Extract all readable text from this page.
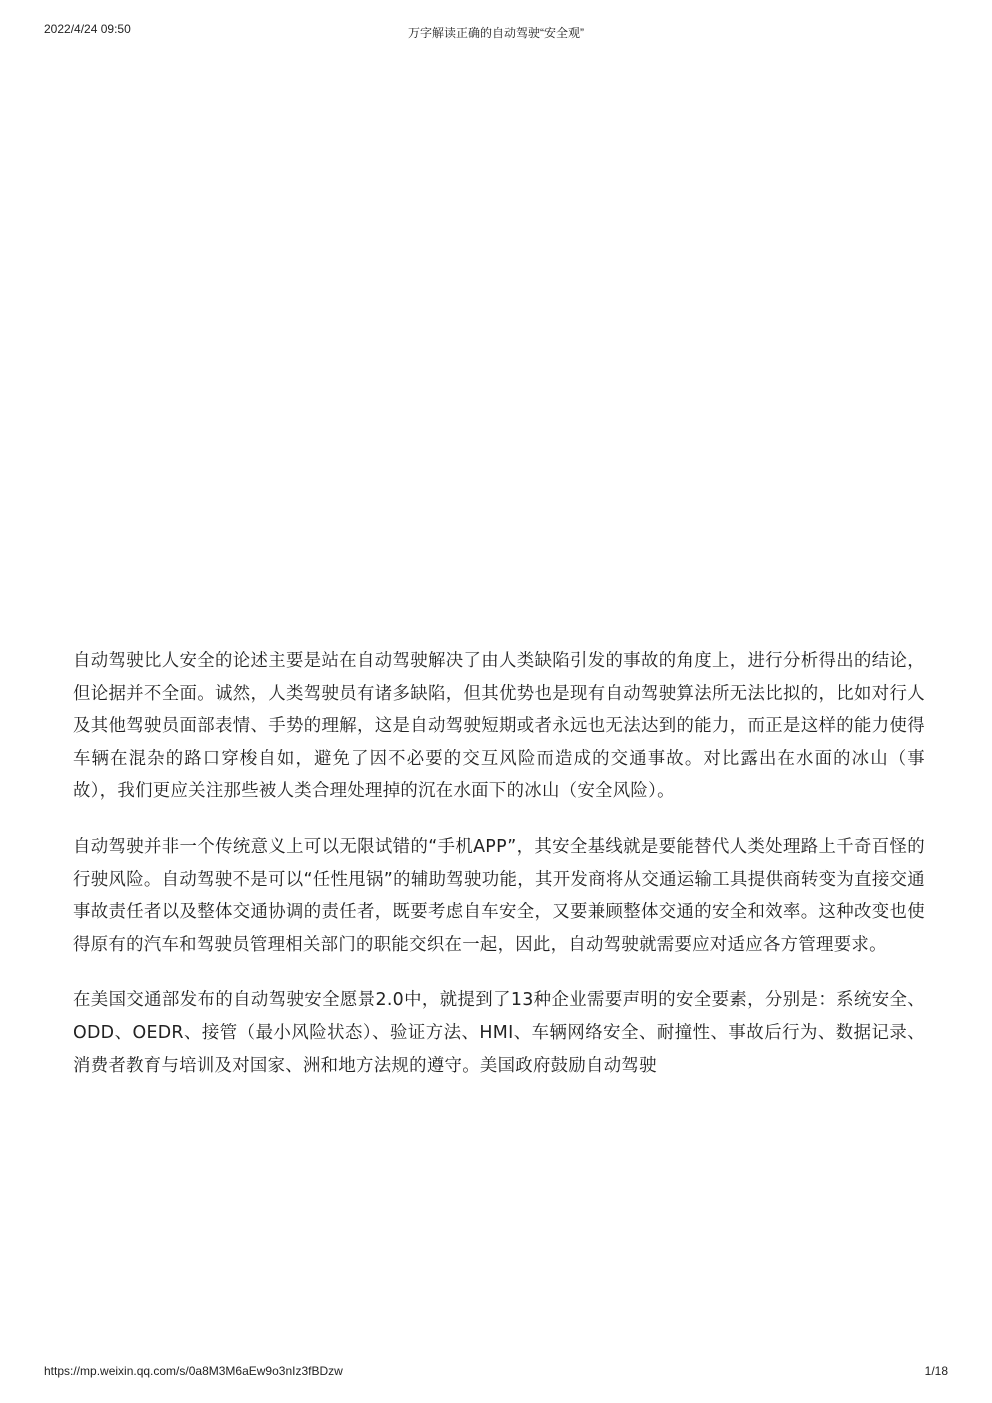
2022/4/24 09:50	万字解读正确的自动驾驶“安全观”

自动驾驶比人安全的论述主要是站在自动驾驶解决了由人类缺陷引发的事故的角度上，进行分析得出的结论，但论据并不全面。诚然，人类驾驶员有诸多缺陷，但其优势也是现有自动驾驶算法所无法比拟的，比如对行人及其他驾驶员面部表情、手势的理解，这是自动驾驶短期或者永远也无法达到的能力，而正是这样的能力使得车辆在混杂的路口穿梭自如，避免了因不必要的交互风险而造成的交通事故。对比露出在水面的冰山（事故），我们更应关注那些被人类合理处理掉的沉在水面下的冰山（安全风险）。

自动驾驶并非一个传统意义上可以无限试错的“手机APP”，其安全基线就是要能替代人类处理路上千奇百怪的行驶风险。自动驾驶不是可以“任性甩锅”的辅助驾驶功能，其开发商将从交通运输工具提供商转变为直接交通事故责任者以及整体交通协调的责任者，既要考虑自车安全，又要兼顾整体交通的安全和效率。这种改变也使得原有的汽车和驾驶员管理相关部门的职能交织在一起，因此，自动驾驶就需要应对适应各方管理要求。

在美国交通部发布的自动驾驶安全愿景2.0中，就提到了13种企业需要声明的安全要素，分别是：系统安全、ODD、OEDR、接管（最小风险状态）、验证方法、HMI、车辆网络安全、耐撞性、事故后行为、数据记录、消费者教育与培训及对国家、洲和地方法规的遵守。美国政府鼓励自动驾驶

https://mp.weixin.qq.com/s/0a8M3M6aEw9o3nIz3fBDzw	1/18
